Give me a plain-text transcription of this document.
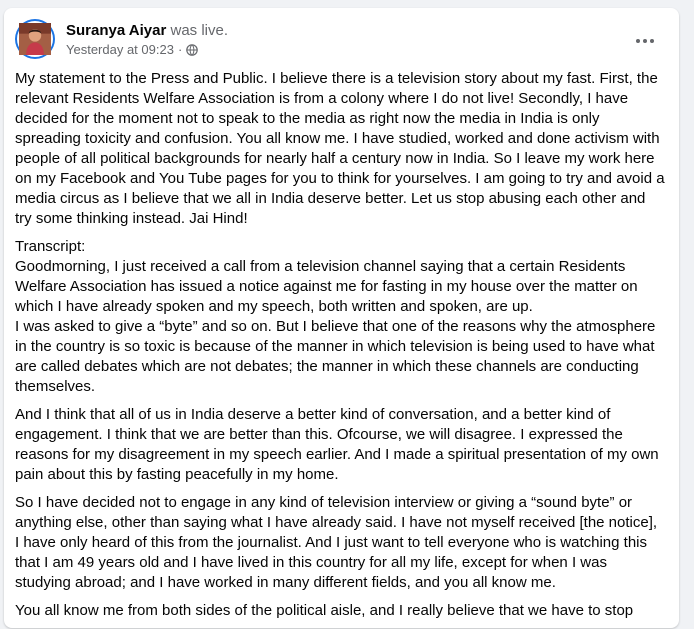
Suranya Aiyar was live.
Yesterday at 09:23 ·

My statement to the Press and Public. I believe there is a television story about my fast. First, the relevant Residents Welfare Association is from a colony where I do not live! Secondly, I have decided for the moment not to speak to the media as right now the media in India is only spreading toxicity and confusion. You all know me. I have studied, worked and done activism with people of all political backgrounds for nearly half a century now in India. So I leave my work here on my Facebook and You Tube pages for you to think for yourselves. I am going to try and avoid a media circus as I believe that we all in India deserve better. Let us stop abusing each other and try some thinking instead. Jai Hind!

Transcript:
Goodmorning, I just received a call from a television channel saying that a certain Residents Welfare Association has issued a notice against me for fasting in my house over the matter on which I have already spoken and my speech, both written and spoken, are up.
I was asked to give a “byte” and so on. But I believe that one of the reasons why the atmosphere in the country is so toxic is because of the manner in which television is being used to have what are called debates which are not debates; the manner in which these channels are conducting themselves.

And I think that all of us in India deserve a better kind of conversation, and a better kind of engagement. I think that we are better than this. Ofcourse, we will disagree. I expressed the reasons for my disagreement in my speech earlier. And I made a spiritual presentation of my own pain about this by fasting peacefully in my home.

So I have decided not to engage in any kind of television interview or giving a “sound byte” or anything else, other than saying what I have already said. I have not myself received [the notice], I have only heard of this from the journalist. And I just want to tell everyone who is watching this that I am 49 years old and I have lived in this country for all my life, except for when I was studying abroad; and I have worked in many different fields, and you all know me.

You all know me from both sides of the political aisle, and I really believe that we have to stop
